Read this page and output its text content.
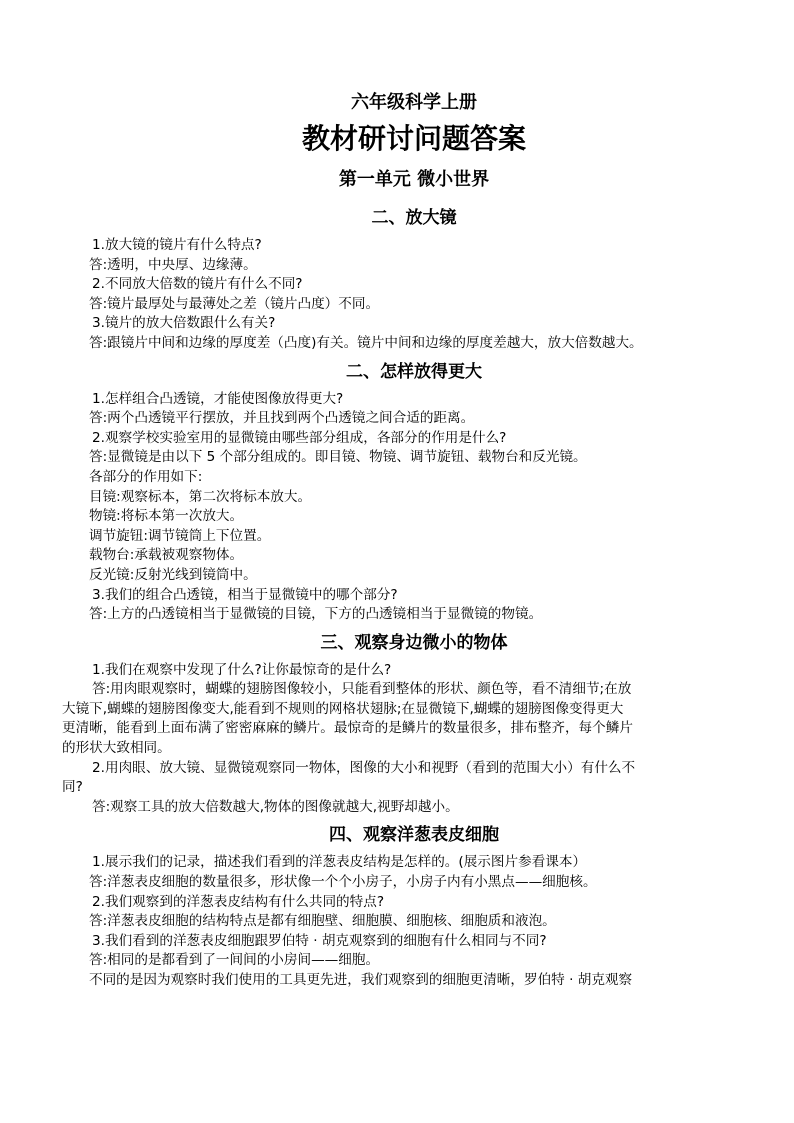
六年级科学上册
教材研讨问题答案
第一单元 微小世界
二、放大镜
1.放大镜的镜片有什么特点?
答:透明，中央厚、边缘薄。
2.不同放大倍数的镜片有什么不同?
答:镜片最厚处与最薄处之差（镜片凸度）不同。
3.镜片的放大倍数跟什么有关?
答:跟镜片中间和边缘的厚度差（凸度)有关。镜片中间和边缘的厚度差越大，放大倍数越大。
二、怎样放得更大
1.怎样组合凸透镜，才能使图像放得更大?
答:两个凸透镜平行摆放，并且找到两个凸透镜之间合适的距离。
2.观察学校实验室用的显微镜由哪些部分组成，各部分的作用是什么?
答:显微镜是由以下 5 个部分组成的。即目镜、物镜、调节旋钮、载物台和反光镜。
各部分的作用如下:
目镜:观察标本，第二次将标本放大。
物镜:将标本第一次放大。
调节旋钮:调节镜筒上下位置。
载物台:承载被观察物体。
反光镜:反射光线到镜筒中。
3.我们的组合凸透镜，相当于显微镜中的哪个部分?
答:上方的凸透镜相当于显微镜的目镜，下方的凸透镜相当于显微镜的物镜。
三、观察身边微小的物体
1.我们在观察中发现了什么?让你最惊奇的是什么?
答:用肉眼观察时，蝴蝶的翅膀图像较小，只能看到整体的形状、颜色等，看不清细节;在放
大镜下,蝴蝶的翅膀图像变大,能看到不规则的网格状翅脉;在显微镜下,蝴蝶的翅膀图像变得更大
更清晰，能看到上面布满了密密麻麻的鳞片。最惊奇的是鳞片的数量很多，排布整齐，每个鳞片
的形状大致相同。
2.用肉眼、放大镜、显微镜观察同一物体，图像的大小和视野（看到的范围大小）有什么不
同?
答:观察工具的放大倍数越大,物体的图像就越大,视野却越小。
四、观察洋葱表皮细胞
1.展示我们的记录，描述我们看到的洋葱表皮结构是怎样的。(展示图片参看课本）
答:洋葱表皮细胞的数量很多，形状像一个个小房子，小房子内有小黑点——细胞核。
2.我们观察到的洋葱表皮结构有什么共同的特点?
答:洋葱表皮细胞的结构特点是都有细胞壁、细胞膜、细胞核、细胞质和液泡。
3.我们看到的洋葱表皮细胞跟罗伯特 · 胡克观察到的细胞有什么相同与不同?
答:相同的是都看到了一间间的小房间——细胞。
不同的是因为观察时我们使用的工具更先进，我们观察到的细胞更清晰，罗伯特 · 胡克观察
